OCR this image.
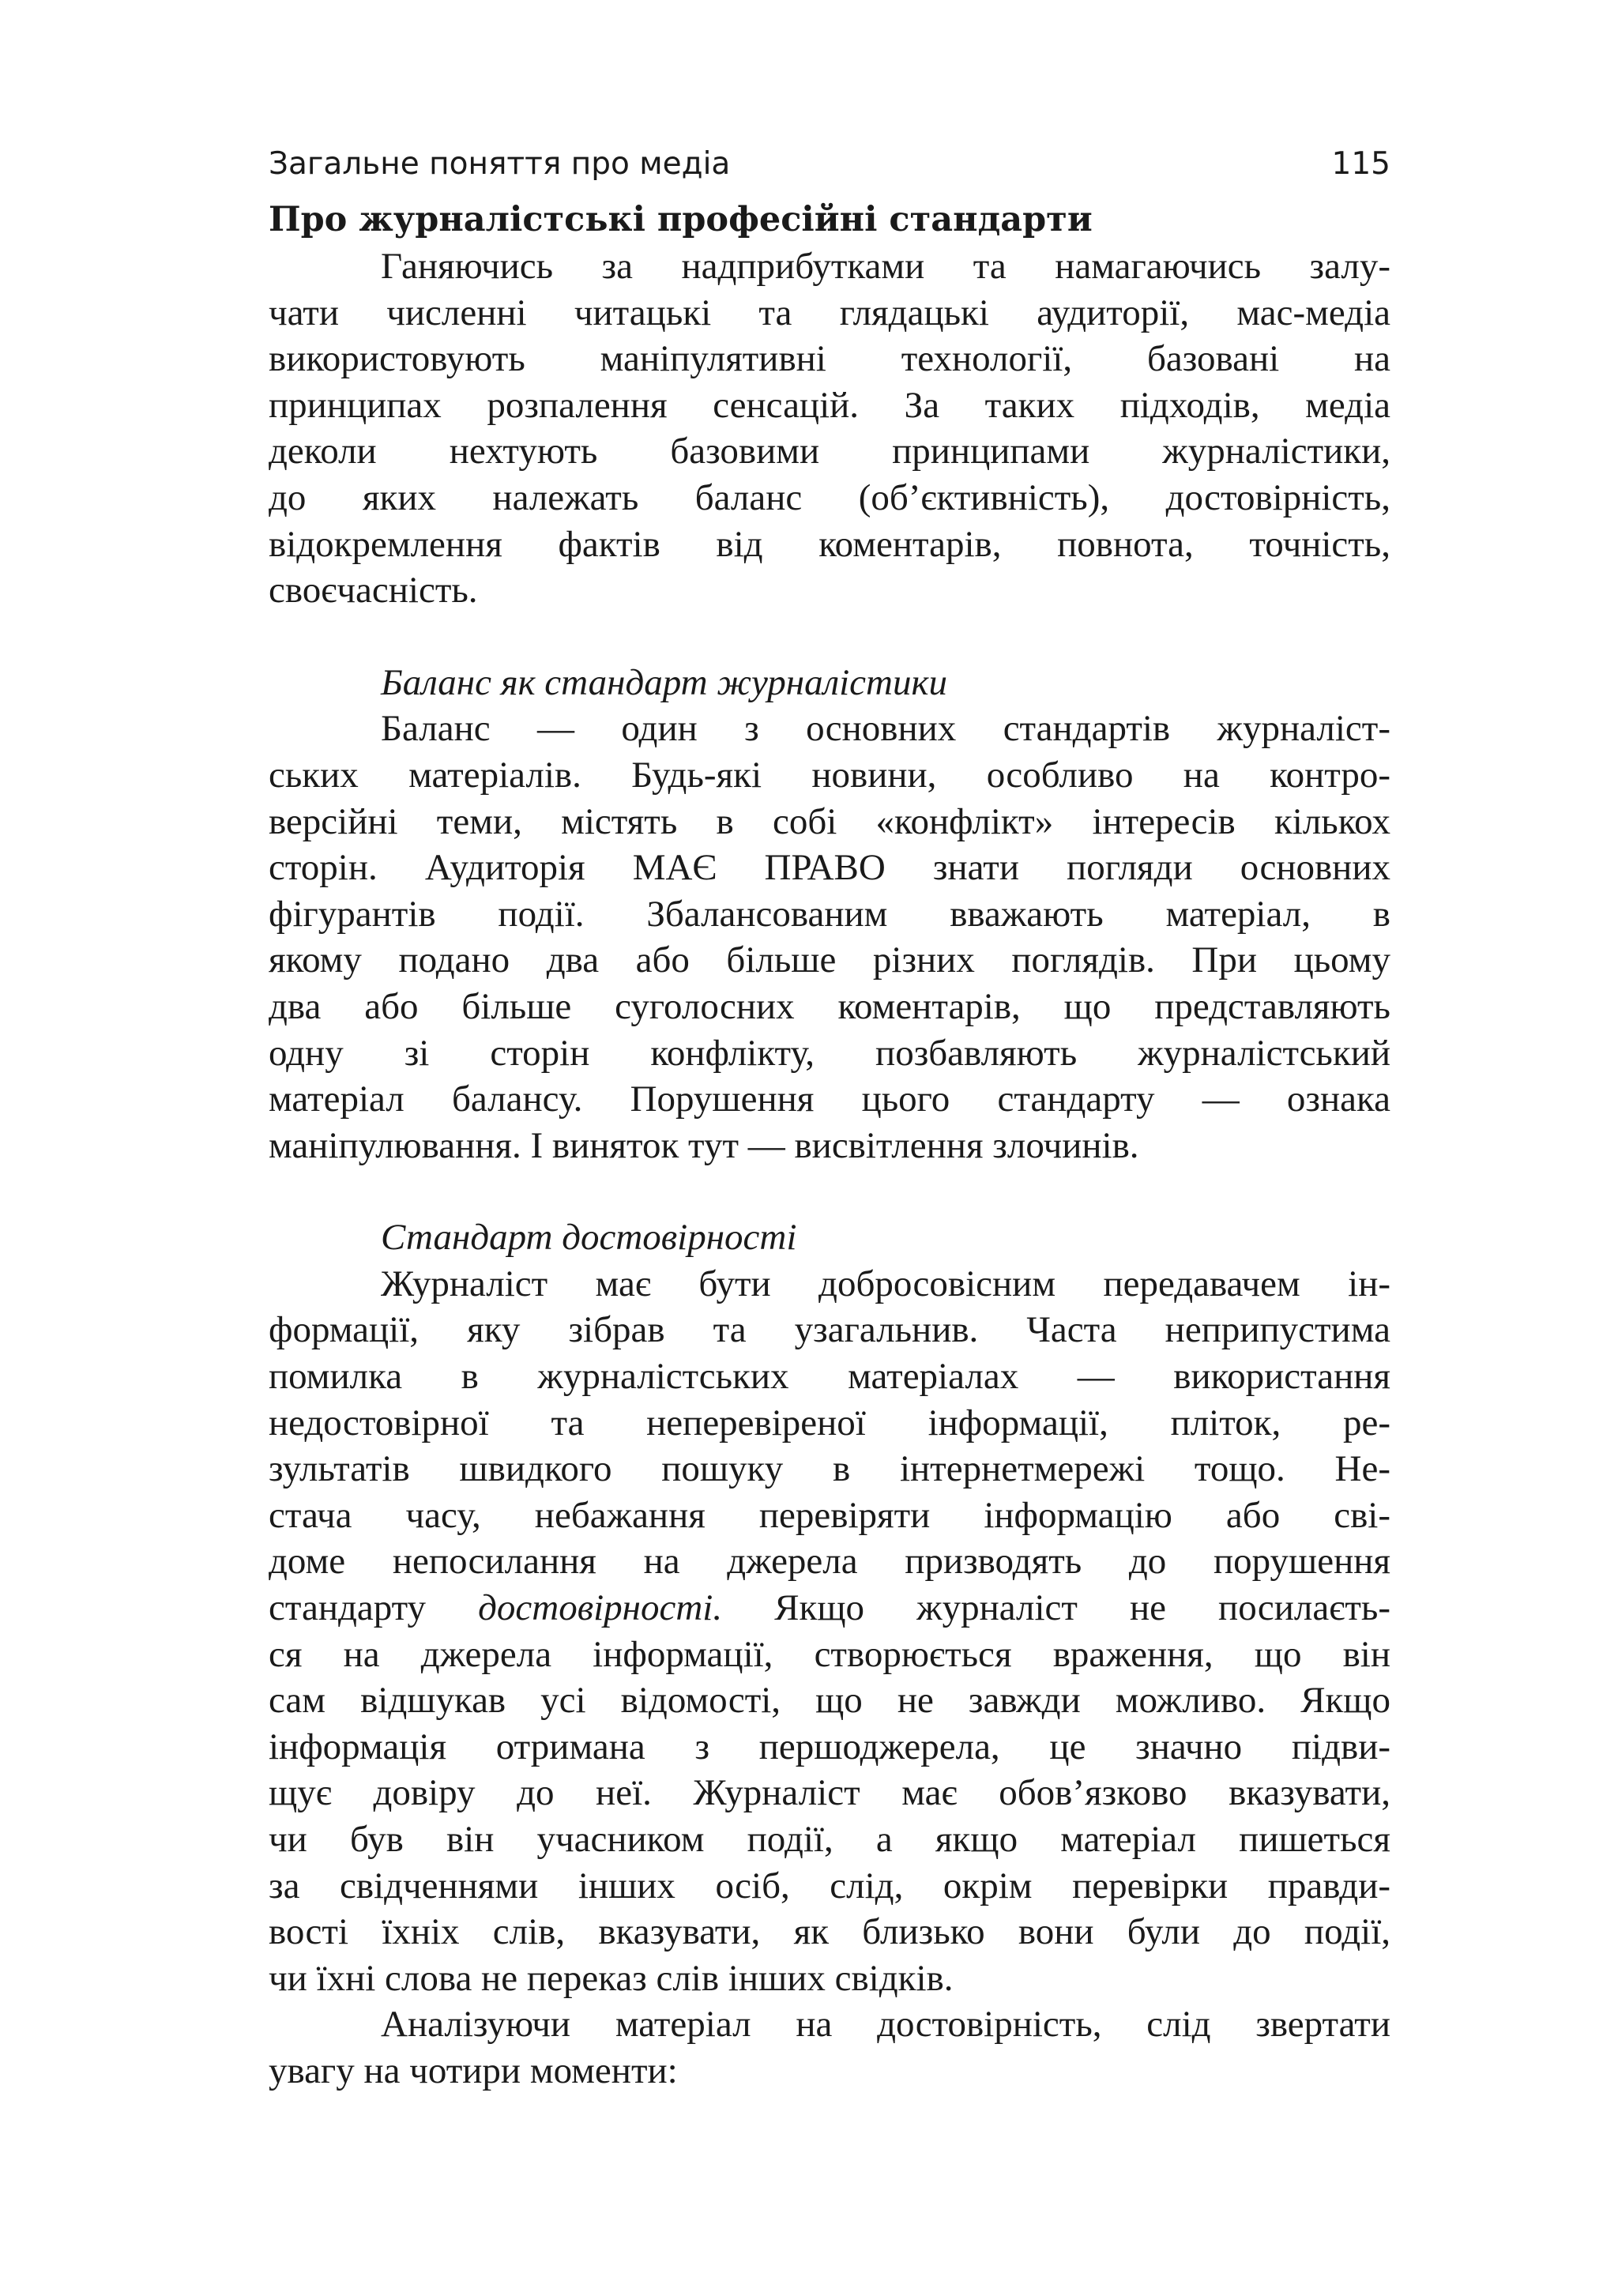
Загальне поняття про медіа	115
Про журналістські професійні стандарти
Ганяючись за надприбутками та намагаючись залу-
чати численні читацькі та глядацькі аудиторії, мас-медіа
використовують маніпулятивні технології, базовані на
принципах розпалення сенсацій. За таких підходів, медіа
деколи нехтують базовими принципами журналістики,
до яких належать баланс (об’єктивність), достовірність,
відокремлення фактів від коментарів, повнота, точність,
своєчасність.
Баланс як стандарт журналістики
Баланс — один з основних стандартів журналіст-
ських матеріалів. Будь-які новини, особливо на контро-
версійні теми, містять в собі «конфлікт» інтересів кількох
сторін. Аудиторія МАЄ ПРАВО знати погляди основних
фігурантів події. Збалансованим вважають матеріал, в
якому подано два або більше різних поглядів. При цьому
два або більше суголосних коментарів, що представляють
одну зі сторін конфлікту, позбавляють журналістський
матеріал балансу. Порушення цього стандарту — ознака
маніпулювання. І виняток тут — висвітлення злочинів.
Стандарт достовірності
Журналіст має бути добросовісним передавачем ін-
формації, яку зібрав та узагальнив. Часта неприпустима
помилка в журналістських матеріалах — використання
недостовірної та неперевіреної інформації, пліток, ре-
зультатів швидкого пошуку в інтернетмережі тощо. Не-
стача часу, небажання перевіряти інформацію або сві-
доме непосилання на джерела призводять до порушення
стандарту достовірності. Якщо журналіст не посилаєть-
ся на джерела інформації, створюється враження, що він
сам відшукав усі відомості, що не завжди можливо. Якщо
інформація отримана з першоджерела, це значно підви-
щує довіру до неї. Журналіст має обов’язково вказувати,
чи був він учасником події, а якщо матеріал пишеться
за свідченнями інших осіб, слід, окрім перевірки правди-
вості їхніх слів, вказувати, як близько вони були до події,
чи їхні слова не переказ слів інших свідків.
Аналізуючи матеріал на достовірність, слід звертати
увагу на чотири моменти:
